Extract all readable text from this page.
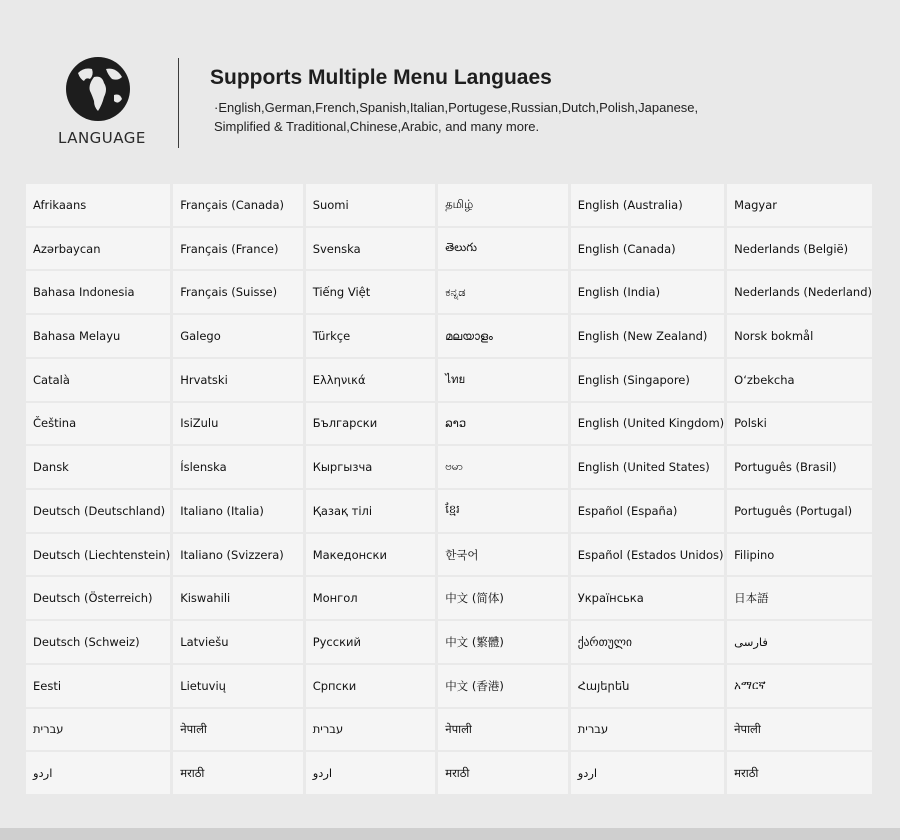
LANGUAGE
Supports Multiple Menu Languaes
·English,German,French,Spanish,Italian,Portugese,Russian,Dutch,Polish,Japanese,
Simplified & Traditional,Chinese,Arabic, and many more.
Afrikaans
Azərbaycan
Bahasa Indonesia
Bahasa Melayu
Català
Čeština
Dansk
Deutsch (Deutschland)
Deutsch (Liechtenstein)
Deutsch (Österreich)
Deutsch (Schweiz)
Eesti
עברית
اردو
Français (Canada)
Français (France)
Français (Suisse)
Galego
Hrvatski
IsiZulu
Íslenska
Italiano (Italia)
Italiano (Svizzera)
Kiswahili
Latviešu
Lietuvių
नेपाली
मराठी
Suomi
Svenska
Tiếng Việt
Türkçe
Ελληνικά
Български
Кыргызча
Қазақ тілі
Македонски
Монгол
Русский
Српски
עברית
اردو
தமிழ்
తెలుగు
ಕನ್ನಡ
മലയാളം
ไทย
ລາວ
ဗမာ
ខ្មែរ
한국어
中文 (简体)
中文 (繁體)
中文 (香港)
नेपाली
मराठी
English (Australia)
English (Canada)
English (India)
English (New Zealand)
English (Singapore)
English (United Kingdom)
English (United States)
Español (España)
Español (Estados Unidos)
Українська
ქართული
Հայերեն
עברית
اردو
Magyar
Nederlands (België)
Nederlands (Nederland)
Norsk bokmål
O‘zbekcha
Polski
Português (Brasil)
Português (Portugal)
Filipino
日本語
فارسی
አማርኛ
नेपाली
मराठी
